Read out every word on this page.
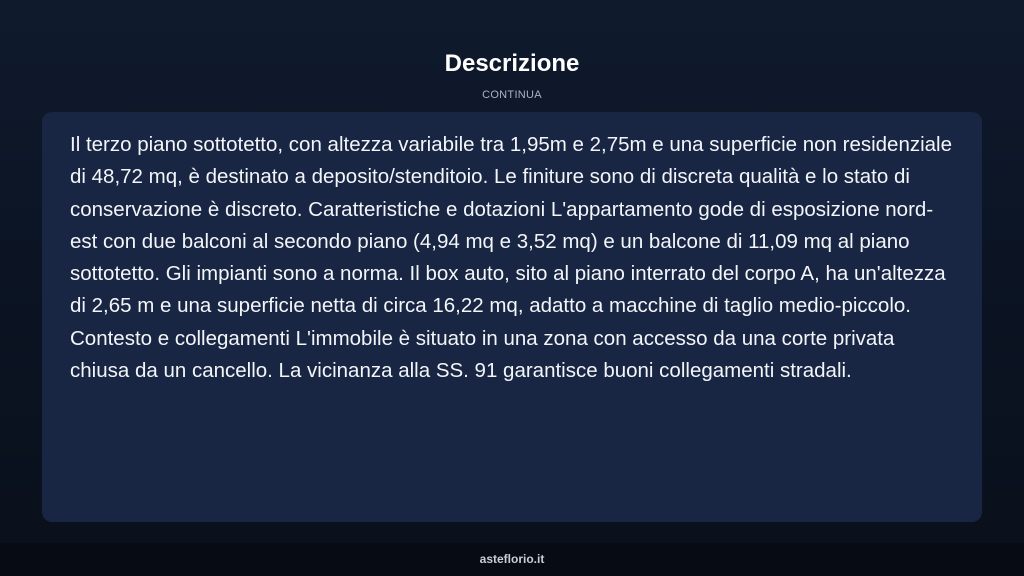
Descrizione
CONTINUA

Il terzo piano sottotetto, con altezza variabile tra 1,95m e 2,75m e una superficie non residenziale di 48,72 mq, è destinato a deposito/stenditoio. Le finiture sono di discreta qualità e lo stato di conservazione è discreto. Caratteristiche e dotazioni L'appartamento gode di esposizione nord-est con due balconi al secondo piano (4,94 mq e 3,52 mq) e un balcone di 11,09 mq al piano sottotetto. Gli impianti sono a norma. Il box auto, sito al piano interrato del corpo A, ha un'altezza di 2,65 m e una superficie netta di circa 16,22 mq, adatto a macchine di taglio medio-piccolo. Contesto e collegamenti L'immobile è situato in una zona con accesso da una corte privata chiusa da un cancello. La vicinanza alla SS. 91 garantisce buoni collegamenti stradali.

asteflorio.it
